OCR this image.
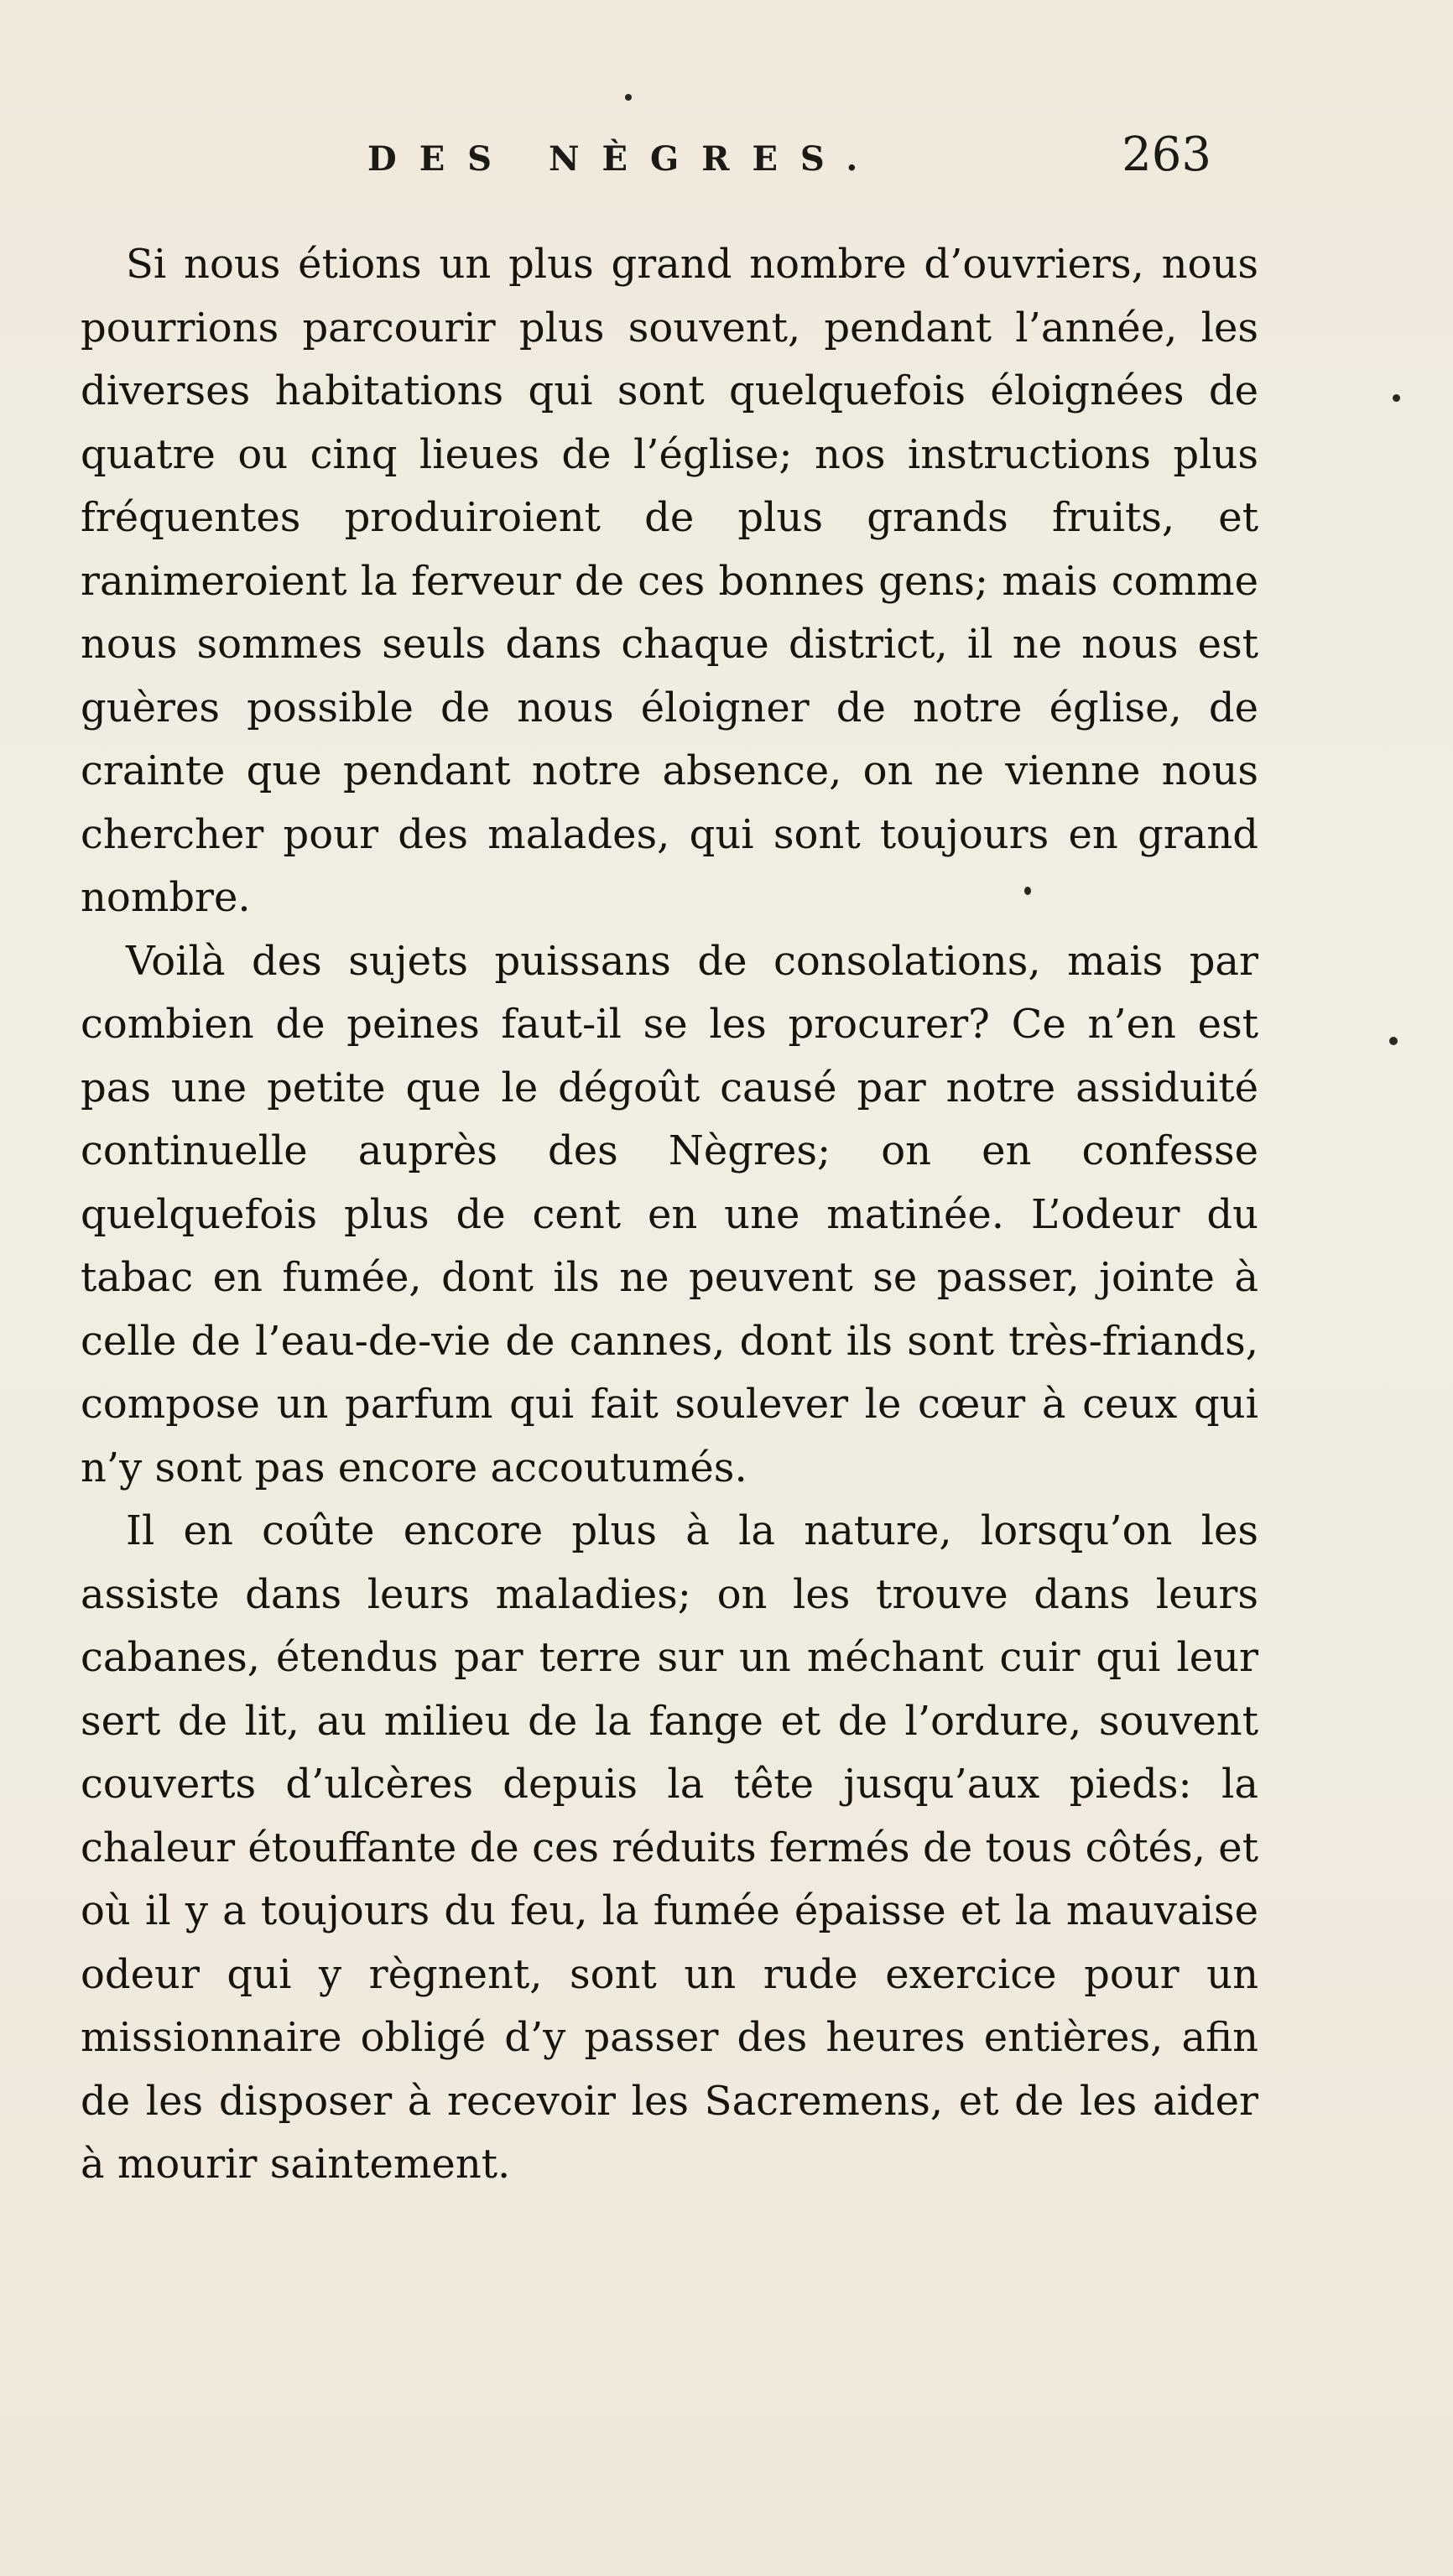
DES NÈGRES.	263

Si nous étions un plus grand nombre d’ouvriers, nous pourrions parcourir plus souvent, pendant l’année, les diverses habitations qui sont quelquefois éloignées de quatre ou cinq lieues de l’église; nos instructions plus fréquentes produiroient de plus grands fruits, et ranimeroient la ferveur de ces bonnes gens; mais comme nous sommes seuls dans chaque district, il ne nous est guères possible de nous éloigner de notre église, de crainte que pendant notre absence, on ne vienne nous chercher pour des malades, qui sont toujours en grand nombre.

Voilà des sujets puissans de consolations, mais par combien de peines faut-il se les procurer? Ce n’en est pas une petite que le dégoût causé par notre assiduité continuelle auprès des Nègres; on en confesse quelquefois plus de cent en une matinée. L’odeur du tabac en fumée, dont ils ne peuvent se passer, jointe à celle de l’eau-de-vie de cannes, dont ils sont très-friands, compose un parfum qui fait soulever le cœur à ceux qui n’y sont pas encore accoutumés.

Il en coûte encore plus à la nature, lorsqu’on les assiste dans leurs maladies; on les trouve dans leurs cabanes, étendus par terre sur un méchant cuir qui leur sert de lit, au milieu de la fange et de l’ordure, souvent couverts d’ulcères depuis la tête jusqu’aux pieds: la chaleur étouffante de ces réduits fermés de tous côtés, et où il y a toujours du feu, la fumée épaisse et la mauvaise odeur qui y règnent, sont un rude exercice pour un missionnaire obligé d’y passer des heures entières, afin de les disposer à recevoir les Sacremens, et de les aider à mourir saintement.
